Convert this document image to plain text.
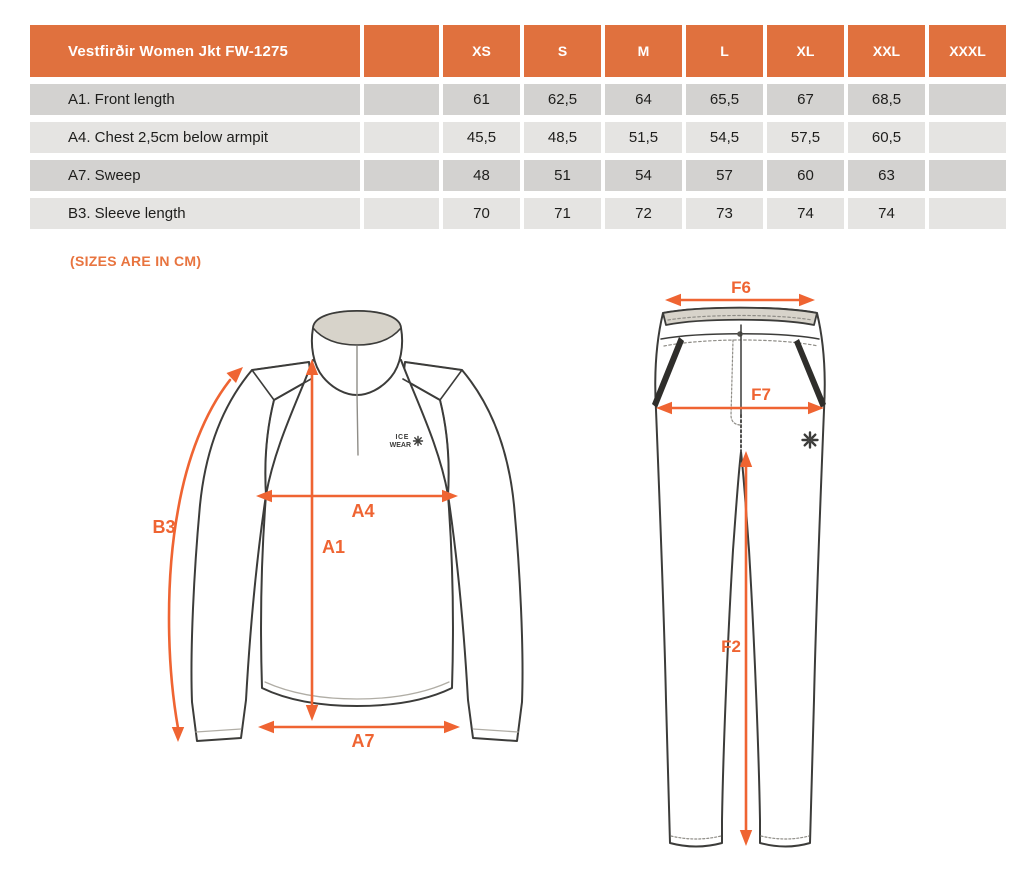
Vestfirðir Women Jkt FW-1275		XS	S	M	L	XL	XXL	XXXL
A1. Front length		61	62,5	64	65,5	67	68,5	
A4. Chest 2,5cm below armpit		45,5	48,5	51,5	54,5	57,5	60,5	
A7. Sweep		48	51	54	57	60	63	
B3. Sleeve length		70	71	72	73	74	74	
(SIZES ARE IN CM)
ICE
WEAR
B3
A4
A1
A7
F6
F7
F2
